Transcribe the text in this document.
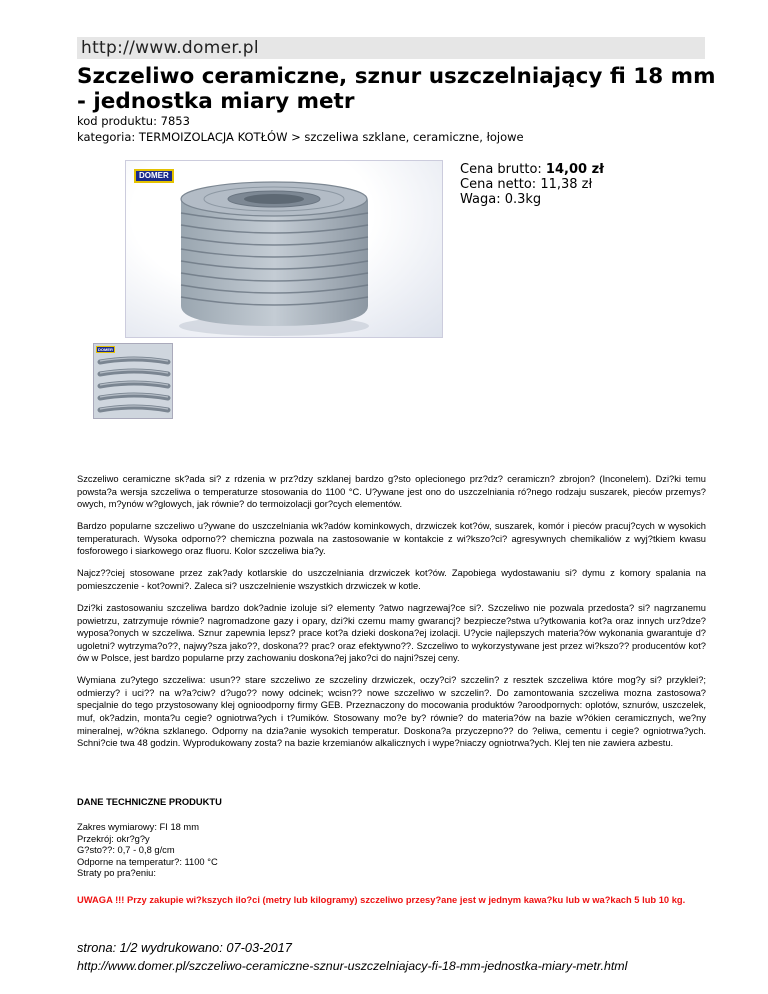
http://www.domer.pl
Szczeliwo ceramiczne, sznur uszczelniający fi 18 mm - jednostka miary metr
kod produktu: 7853
kategoria: TERMOIZOLACJA KOTŁÓW > szczeliwa szklane, ceramiczne, łojowe
DOMER
DOMER
Cena brutto: 14,00 zł
Cena netto: 11,38 zł
Waga: 0.3kg

Szczeliwo ceramiczne sk?ada si? z rdzenia w prz?dzy szklanej bardzo g?sto oplecionego prz?dz? ceramiczn? zbrojon? (Inconelem). Dzi?ki temu powsta?a wersja szczeliwa o temperaturze stosowania do 1100 °C. U?ywane jest ono do uszczelniania ró?nego rodzaju suszarek, pieców przemys?owych, m?ynów w?glowych, jak równie? do termoizolacji gor?cych elementów.

Bardzo popularne szczeliwo u?ywane do uszczelniania wk?adów kominkowych, drzwiczek kot?ów, suszarek, komór i pieców pracuj?cych w wysokich temperaturach. Wysoka odporno?? chemiczna pozwala na zastosowanie w kontakcie z wi?kszo?ci? agresywnych chemikaliów z wyj?tkiem kwasu fosforowego i siarkowego oraz fluoru. Kolor szczeliwa bia?y.

Najcz??ciej stosowane przez zak?ady kotlarskie do uszczelniania drzwiczek kot?ów. Zapobiega wydostawaniu si? dymu z komory spalania na pomieszczenie - kot?owni?. Zaleca si? uszczelnienie wszystkich drzwiczek w kotle.

Dzi?ki zastosowaniu szczeliwa bardzo dok?adnie izoluje si? elementy ?atwo nagrzewaj?ce si?. Szczeliwo nie pozwala przedosta? si? nagrzanemu powietrzu, zatrzymuje równie? nagromadzone gazy i opary, dzi?ki czemu mamy gwarancj? bezpiecze?stwa u?ytkowania kot?a oraz innych urz?dze? wyposa?onych w szczeliwa. Sznur zapewnia lepsz? prace kot?a dzieki doskona?ej izolacji. U?ycie najlepszych materia?ów wykonania gwarantuje d?ugoletni? wytrzyma?o??, najwy?sza jako??, doskona?? prac? oraz efektywno??. Szczeliwo to wykorzystywane jest przez wi?kszo?? producentów kot?ów w Polsce, jest bardzo popularne przy zachowaniu doskona?ej jako?ci do najni?szej ceny.

Wymiana zu?ytego szczeliwa: usun?? stare szczeliwo ze szczeliny drzwiczek, oczy?ci? szczelin? z resztek szczeliwa które mog?y si? przyklei?; odmierzy? i uci?? na w?a?ciw? d?ugo?? nowy odcinek; wcisn?? nowe szczeliwo w szczelin?. Do zamontowania szczeliwa mozna zastosowa? specjalnie do tego przystosowany klej ognioodporny firmy GEB. Przeznaczony do mocowania produktów ?aroodpornych: oplotów, sznurów, uszczelek, muf, ok?adzin, monta?u cegie? ogniotrwa?ych i t?umików. Stosowany mo?e by? równie? do materia?ów na bazie w?ókien ceramicznych, we?ny mineralnej, w?ókna szklanego. Odporny na dzia?anie wysokich temperatur. Doskona?a przyczepno?? do ?eliwa, cementu i cegie? ogniotrwa?ych. Schni?cie twa 48 godzin. Wyprodukowany zosta? na bazie krzemianów alkalicznych i wype?niaczy ogniotrwa?ych. Klej ten nie zawiera azbestu.

DANE TECHNICZNE PRODUKTU
Zakres wymiarowy: FI 18 mm
Przekrój: okr?g?y
G?sto??: 0,7 - 0,8 g/cm
Odporne na temperatur?: 1100 °C
Straty po pra?eniu:
UWAGA !!! Przy zakupie wi?kszych ilo?ci (metry lub kilogramy) szczeliwo przesy?ane jest w jednym kawa?ku lub w wa?kach 5 lub 10 kg.
strona: 1/2 wydrukowano: 07-03-2017
http://www.domer.pl/szczeliwo-ceramiczne-sznur-uszczelniajacy-fi-18-mm-jednostka-miary-metr.html
